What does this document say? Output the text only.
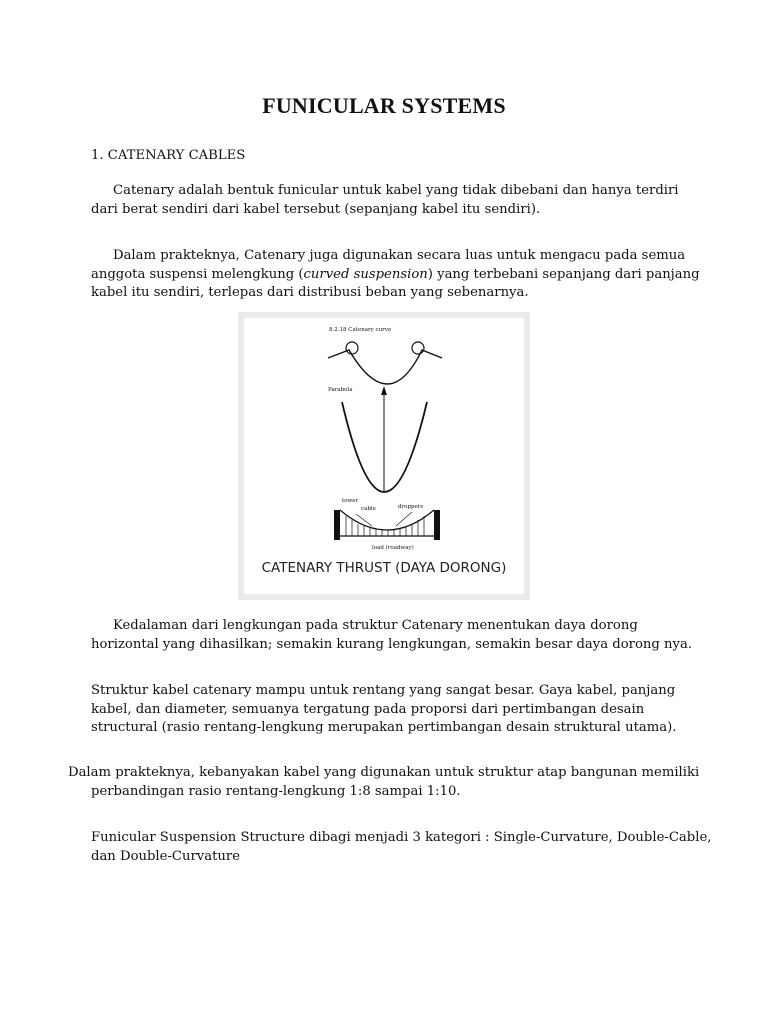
FUNICULAR SYSTEMS
1. CATENARY CABLES
Catenary adalah bentuk funicular untuk kabel yang tidak dibebani dan hanya terdiri
dari berat sendiri dari kabel tersebut (sepanjang kabel itu sendiri).
Dalam prakteknya, Catenary juga digunakan secara luas untuk mengacu pada semua
anggota suspensi melengkung (curved suspension) yang terbebani sepanjang dari panjang
kabel itu sendiri, terlepas dari distribusi beban yang sebenarnya.
8.2.18 Catenary curve
Parabola
tower
cable	droppers
load (roadway)
CATENARY THRUST (DAYA DORONG)
Kedalaman dari lengkungan pada struktur Catenary menentukan daya dorong
horizontal yang dihasilkan; semakin kurang lengkungan, semakin besar daya dorong nya.
Struktur kabel catenary mampu untuk rentang yang sangat besar. Gaya kabel, panjang
kabel, dan diameter, semuanya tergatung pada proporsi dari pertimbangan desain
structural (rasio rentang-lengkung merupakan pertimbangan desain struktural utama).
Dalam prakteknya, kebanyakan kabel yang digunakan untuk struktur atap bangunan memiliki
perbandingan rasio rentang-lengkung 1:8 sampai 1:10.
Funicular Suspension Structure dibagi menjadi 3 kategori : Single-Curvature, Double-Cable,
dan Double-Curvature
